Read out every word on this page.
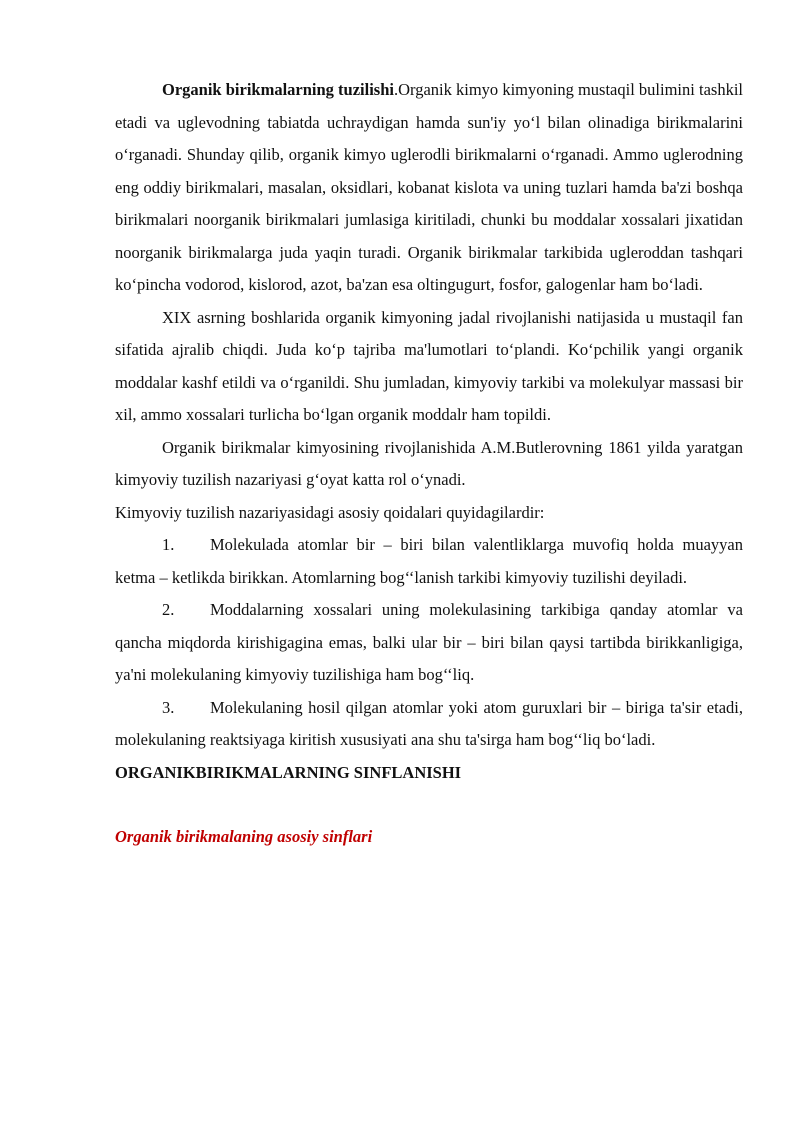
Organik birikmalarning tuzilishi.Organik kimyo kimyoning mustaqil bulimini tashkil etadi va uglevodning tabiatda uchraydigan hamda sun'iy yo‘l bilan olinadiga birikmalarini o‘rganadi. Shunday qilib, organik kimyo uglerodli birikmalarni o‘rganadi. Ammo uglerodning eng oddiy birikmalari, masalan, oksidlari, kobanat kislota va uning tuzlari hamda ba'zi boshqa birikmalari noorganik birikmalari jumlasiga kiritiladi, chunki bu moddalar xossalari jixatidan noorganik birikmalarga juda yaqin turadi. Organik birikmalar tarkibida ugleroddan tashqari ko‘pincha vodorod, kislorod, azot, ba'zan esa oltingugurt, fosfor, galogenlar ham bo‘ladi.

XIX asrning boshlarida organik kimyoning jadal rivojlanishi natijasida u mustaqil fan sifatida ajralib chiqdi. Juda ko‘p tajriba ma'lumotlari to‘plandi. Ko‘pchilik yangi organik moddalar kashf etildi va o‘rganildi. Shu jumladan, kimyoviy tarkibi va molekulyar massasi bir xil, ammo xossalari turlicha bo‘lgan organik moddalr ham topildi.

Organik birikmalar kimyosining rivojlanishida A.M.Butlerovning 1861 yilda yaratgan kimyoviy tuzilish nazariyasi g‘oyat katta rol o‘ynadi.

Kimyoviy tuzilish nazariyasidagi asosiy qoidalari quyidagilardir:

1. Molekulada atomlar bir – biri bilan valentliklarga muvofiq holda muayyan ketma – ketlikda birikkan. Atomlarning bog‘‘lanish tarkibi kimyoviy tuzilishi deyiladi.

2. Moddalarning xossalari uning molekulasining tarkibiga qanday atomlar va qancha miqdorda kirishigagina emas, balki ular bir – biri bilan qaysi tartibda birikkanligiga, ya'ni molekulaning kimyoviy tuzilishiga ham bog‘‘liq.

3. Molekulaning hosil qilgan atomlar yoki atom guruxlari bir – biriga ta'sir etadi, molekulaning reaktsiyaga kiritish xususiyati ana shu ta'sirga ham bog‘‘liq bo‘ladi.

ORGANIKBIRIKMALARNING SINFLANISHI

Organik birikmalaning asosiy sinflari
